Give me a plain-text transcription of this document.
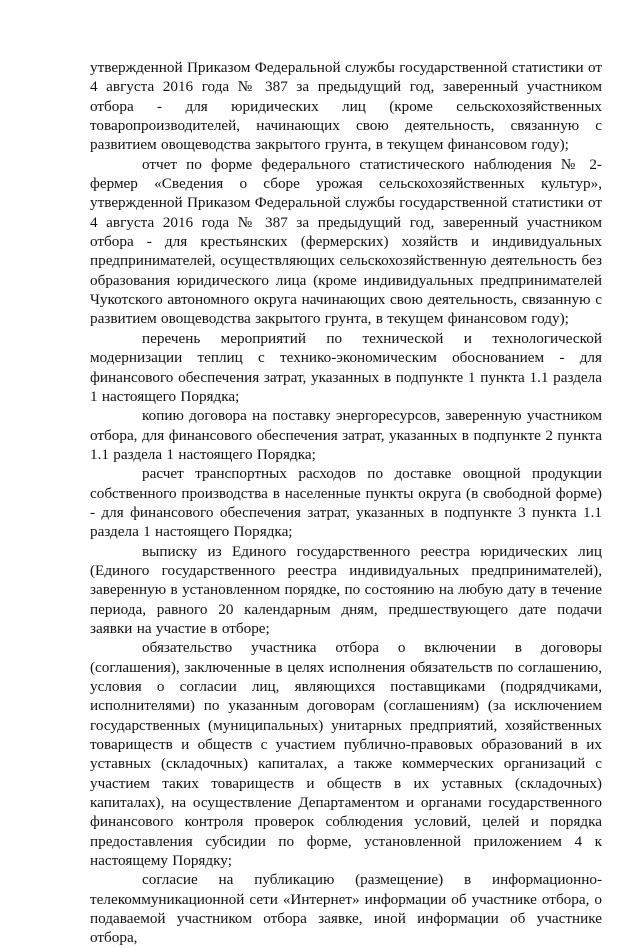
утвержденной Приказом Федеральной службы государственной статистики от 4 августа 2016 года № 387 за предыдущий год, заверенный участником отбора - для юридических лиц (кроме сельскохозяйственных товаропроизводителей, начинающих свою деятельность, связанную с развитием овощеводства закрытого грунта, в текущем финансовом году);

отчет по форме федерального статистического наблюдения № 2-фермер «Сведения о сборе урожая сельскохозяйственных культур», утвержденной Приказом Федеральной службы государственной статистики от 4 августа 2016 года № 387 за предыдущий год, заверенный участником отбора - для крестьянских (фермерских) хозяйств и индивидуальных предпринимателей, осуществляющих сельскохозяйственную деятельность без образования юридического лица (кроме индивидуальных предпринимателей Чукотского автономного округа начинающих свою деятельность, связанную с развитием овощеводства закрытого грунта, в текущем финансовом году);

перечень мероприятий по технической и технологической модернизации теплиц с технико-экономическим обоснованием - для финансового обеспечения затрат, указанных в подпункте 1 пункта 1.1 раздела 1 настоящего Порядка;

копию договора на поставку энергоресурсов, заверенную участником отбора, для финансового обеспечения затрат, указанных в подпункте 2 пункта 1.1 раздела 1 настоящего Порядка;

расчет транспортных расходов по доставке овощной продукции собственного производства в населенные пункты округа (в свободной форме) - для финансового обеспечения затрат, указанных в подпункте 3 пункта 1.1 раздела 1 настоящего Порядка;

выписку из Единого государственного реестра юридических лиц (Единого государственного реестра индивидуальных предпринимателей), заверенную в установленном порядке, по состоянию на любую дату в течение периода, равного 20 календарным дням, предшествующего дате подачи заявки на участие в отборе;

обязательство участника отбора о включении в договоры (соглашения), заключенные в целях исполнения обязательств по соглашению, условия о согласии лиц, являющихся поставщиками (подрядчиками, исполнителями) по указанным договорам (соглашениям) (за исключением государственных (муниципальных) унитарных предприятий, хозяйственных товариществ и обществ с участием публично-правовых образований в их уставных (складочных) капиталах, а также коммерческих организаций с участием таких товариществ и обществ в их уставных (складочных) капиталах), на осуществление Департаментом и органами государственного финансового контроля проверок соблюдения условий, целей и порядка предоставления субсидии по форме, установленной приложением 4 к настоящему Порядку;

согласие на публикацию (размещение) в информационно-телекоммуникационной сети «Интернет» информации об участнике отбора, о подаваемой участником отбора заявке, иной информации об участнике отбора,
